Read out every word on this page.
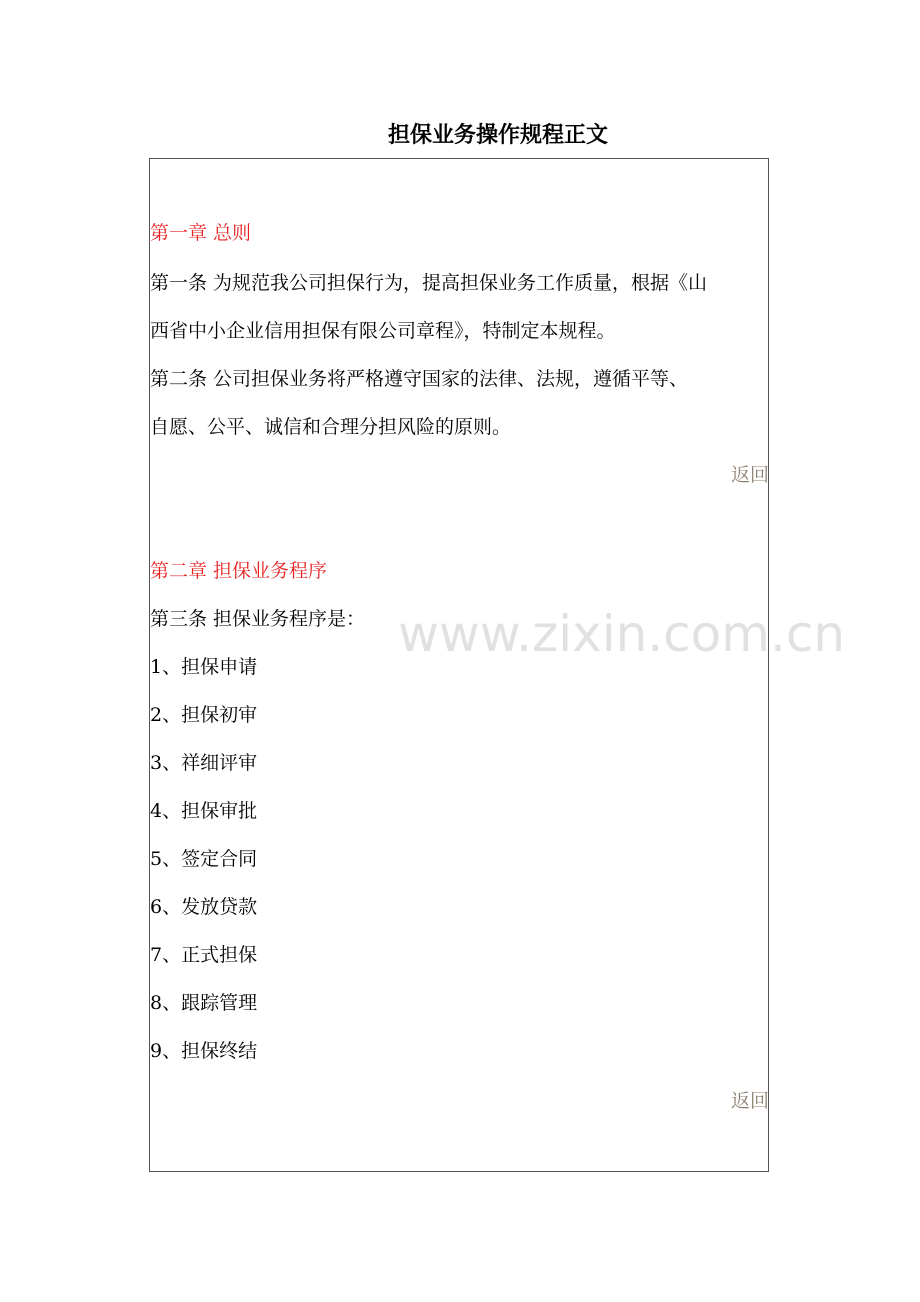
担保业务操作规程正文

第一章 总则

第一条 为规范我公司担保行为，提高担保业务工作质量，根据《山

西省中小企业信用担保有限公司章程》，特制定本规程。

第二条 公司担保业务将严格遵守国家的法律、法规，遵循平等、

自愿、公平、诚信和合理分担风险的原则。

返回

第二章 担保业务程序

第三条 担保业务程序是：

1、担保申请

2、担保初审

3、祥细评审

4、担保审批

5、签定合同

6、发放贷款

7、正式担保

8、跟踪管理

9、担保终结

返回
www.zixin.com.cn
